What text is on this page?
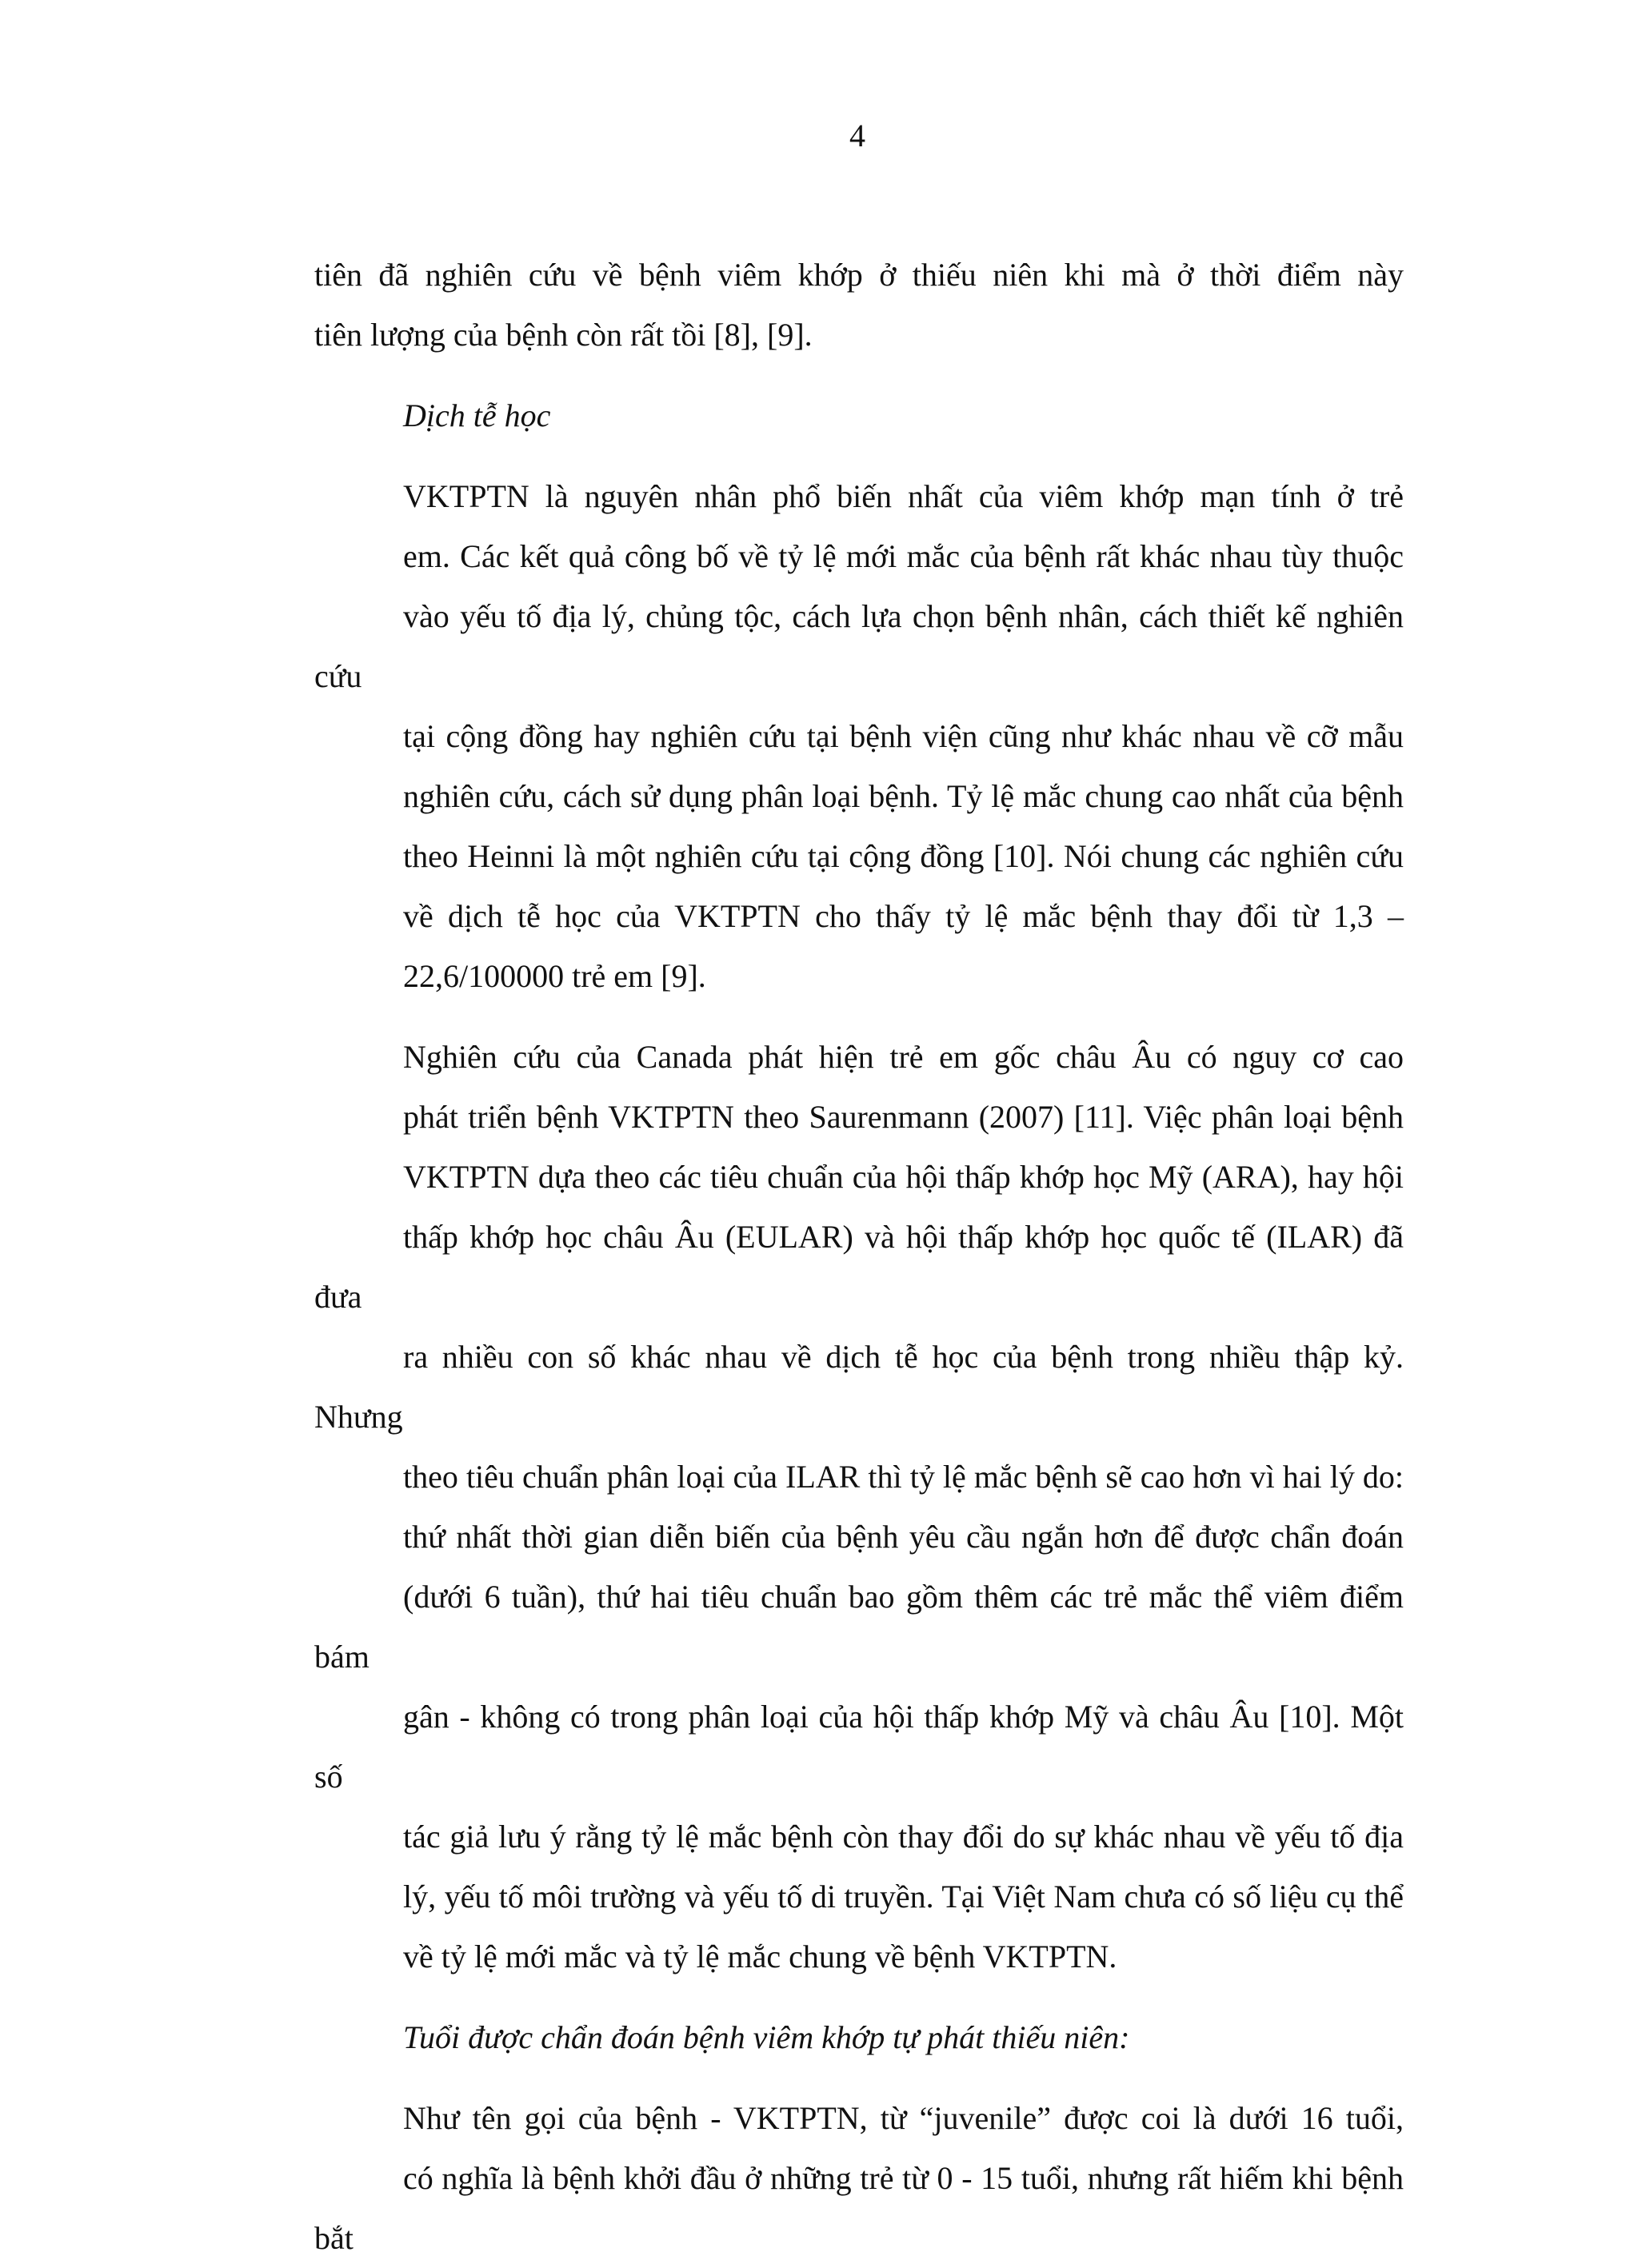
4

tiên đã nghiên cứu về bệnh viêm khớp ở thiếu niên khi mà ở thời điểm này
tiên lượng của bệnh còn rất tồi [8], [9].

Dịch tễ học

VKTPTN là nguyên nhân phổ biến nhất của viêm khớp mạn tính ở trẻ
em. Các kết quả công bố về tỷ lệ mới mắc của bệnh rất khác nhau tùy thuộc
vào yếu tố địa lý, chủng tộc, cách lựa chọn bệnh nhân, cách thiết kế nghiên cứu
tại cộng đồng hay nghiên cứu tại bệnh viện cũng như khác nhau về cỡ mẫu
nghiên cứu, cách sử dụng phân loại bệnh. Tỷ lệ mắc chung cao nhất của bệnh
theo Heinni là một nghiên cứu tại cộng đồng [10]. Nói chung các nghiên cứu
về dịch tễ học của VKTPTN cho thấy tỷ lệ mắc bệnh thay đổi từ 1,3 –
22,6/100000 trẻ em [9].

Nghiên cứu của Canada phát hiện trẻ em gốc châu Âu có nguy cơ cao
phát triển bệnh VKTPTN theo Saurenmann (2007) [11]. Việc phân loại bệnh
VKTPTN dựa theo các tiêu chuẩn của hội thấp khớp học Mỹ (ARA), hay hội
thấp khớp học châu Âu (EULAR) và hội thấp khớp học quốc tế (ILAR) đã đưa
ra nhiều con số khác nhau về dịch tễ học của bệnh trong nhiều thập kỷ. Nhưng
theo tiêu chuẩn phân loại của ILAR thì tỷ lệ mắc bệnh sẽ cao hơn vì hai lý do:
thứ nhất thời gian diễn biến của bệnh yêu cầu ngắn hơn để được chẩn đoán
(dưới 6 tuần), thứ hai tiêu chuẩn bao gồm thêm các trẻ mắc thể viêm điểm bám
gân - không có trong phân loại của hội thấp khớp Mỹ và châu Âu [10]. Một số
tác giả lưu ý rằng tỷ lệ mắc bệnh còn thay đổi do sự khác nhau về yếu tố địa
lý, yếu tố môi trường và yếu tố di truyền. Tại Việt Nam chưa có số liệu cụ thể
về tỷ lệ mới mắc và tỷ lệ mắc chung về bệnh VKTPTN.

Tuổi được chẩn đoán bệnh viêm khớp tự phát thiếu niên:

Như tên gọi của bệnh - VKTPTN, từ “juvenile” được coi là dưới 16 tuổi,
có nghĩa là bệnh khởi đầu ở những trẻ từ 0 - 15 tuổi, nhưng rất hiếm khi bệnh bắt
